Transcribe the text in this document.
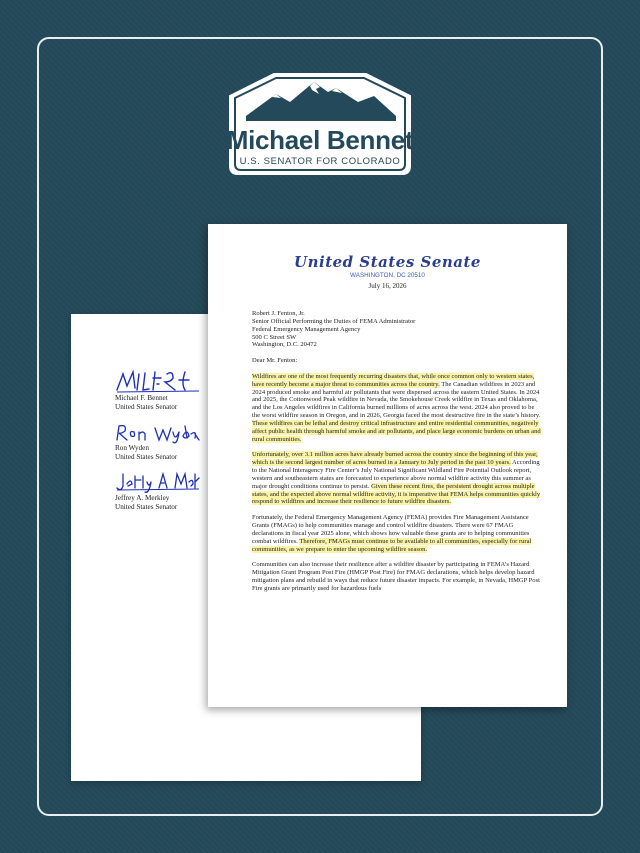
Michael Bennet
U.S. SENATOR FOR COLORADO
Michael F. Bennet
United States Senator
Ron Wyden
United States Senator
Jeffrey A. Merkley
United States Senator
United States Senate
WASHINGTON, DC 20510
July 16, 2026
Robert J. Fenton, Jr.
Senior Official Performing the Duties of FEMA Administrator
Federal Emergency Management Agency
500 C Street SW
Washington, D.C. 20472

Dear Mr. Fenton:

Wildfires are one of the most frequently recurring disasters that, while once common only to western states, have recently become a major threat to communities across the country. The Canadian wildfires in 2023 and 2024 produced smoke and harmful air pollutants that were dispersed across the eastern United States. In 2024 and 2025, the Cottonwood Peak wildfire in Nevada, the Smokehouse Creek wildfire in Texas and Oklahoma, and the Los Angeles wildfires in California burned millions of acres across the west. 2024 also proved to be the worst wildfire season in Oregon, and in 2026, Georgia faced the most destructive fire in the state’s history. These wildfires can be lethal and destroy critical infrastructure and entire residential communities, negatively affect public health through harmful smoke and air pollutants, and place large economic burdens on urban and rural communities.

Unfortunately, over 3.1 million acres have already burned across the country since the beginning of this year, which is the second largest number of acres burned in a January to July period in the past 10 years. According to the National Interagency Fire Center’s July National Significant Wildland Fire Potential Outlook report, western and southeastern states are forecasted to experience above normal wildfire activity this summer as major drought conditions continue to persist. Given these recent fires, the persistent drought across multiple states, and the expected above normal wildfire activity, it is imperative that FEMA helps communities quickly respond to wildfires and increase their resilience to future wildfire disasters.

Fortunately, the Federal Emergency Management Agency (FEMA) provides Fire Management Assistance Grants (FMAGs) to help communities manage and control wildfire disasters. There were 67 FMAG declarations in fiscal year 2025 alone, which shows how valuable these grants are to helping communities combat wildfires. Therefore, FMAGs must continue to be available to all communities, especially for rural communities, as we prepare to enter the upcoming wildfire season.

Communities can also increase their resilience after a wildfire disaster by participating in FEMA’s Hazard Mitigation Grant Program Post Fire (HMGP Post Fire) for FMAG declarations, which helps develop hazard mitigation plans and rebuild in ways that reduce future disaster impacts. For example, in Nevada, HMGP Post Fire grants are primarily used for hazardous fuels
